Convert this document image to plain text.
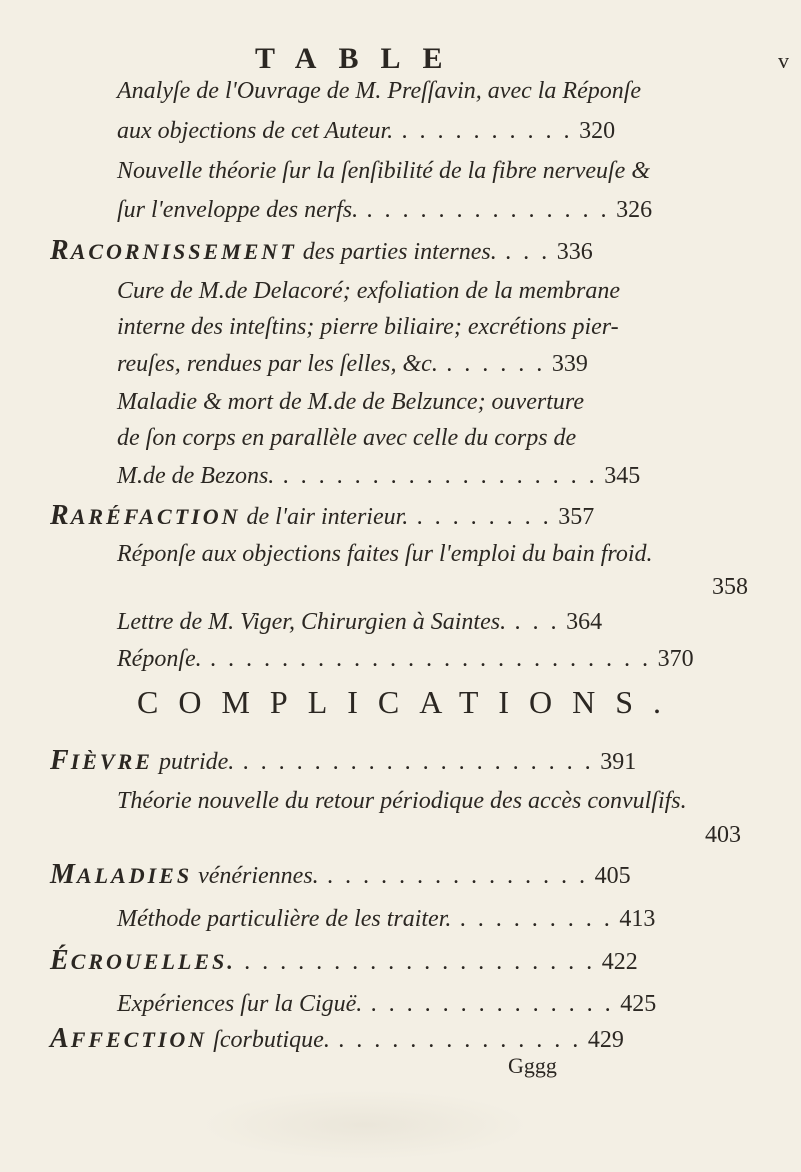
TABLE	v
Analyſe de l'Ouvrage de M. Preſſavin, avec la Réponſe
aux objections de cet Auteur. . . . . . . . . . . 320
Nouvelle théorie ſur la ſenſibilité de la fibre nerveuſe &
ſur l'enveloppe des nerfs. . . . . . . . . . . . . . . 326
RACORNISSEMENT des parties internes. . . . 336
Cure de M.de Delacoré; exfoliation de la membrane
interne des inteſtins; pierre biliaire; excrétions pier-
reuſes, rendues par les ſelles, &c. . . . . . . 339
Maladie & mort de M.de de Belzunce; ouverture
de ſon corps en parallèle avec celle du corps de
M.de de Bezons. . . . . . . . . . . . . . . . . . . 345
RARÉFACTION de l'air interieur. . . . . . . . . 357
Réponſe aux objections faites ſur l'emploi du bain froid.
358
Lettre de M. Viger, Chirurgien à Saintes. . . . 364
Réponſe. . . . . . . . . . . . . . . . . . . . . . . . . . 370
COMPLICATIONS.
FIÈVRE putride. . . . . . . . . . . . . . . . . . . . . 391
Théorie nouvelle du retour périodique des accès convulſifs.
403
MALADIES vénériennes. . . . . . . . . . . . . . . . 405
Méthode particulière de les traiter. . . . . . . . . . 413
ÉCROUELLES. . . . . . . . . . . . . . . . . . . . . 422
Expériences ſur la Ciguë. . . . . . . . . . . . . . . 425
AFFECTION ſcorbutique. . . . . . . . . . . . . . . 429
Gggg
